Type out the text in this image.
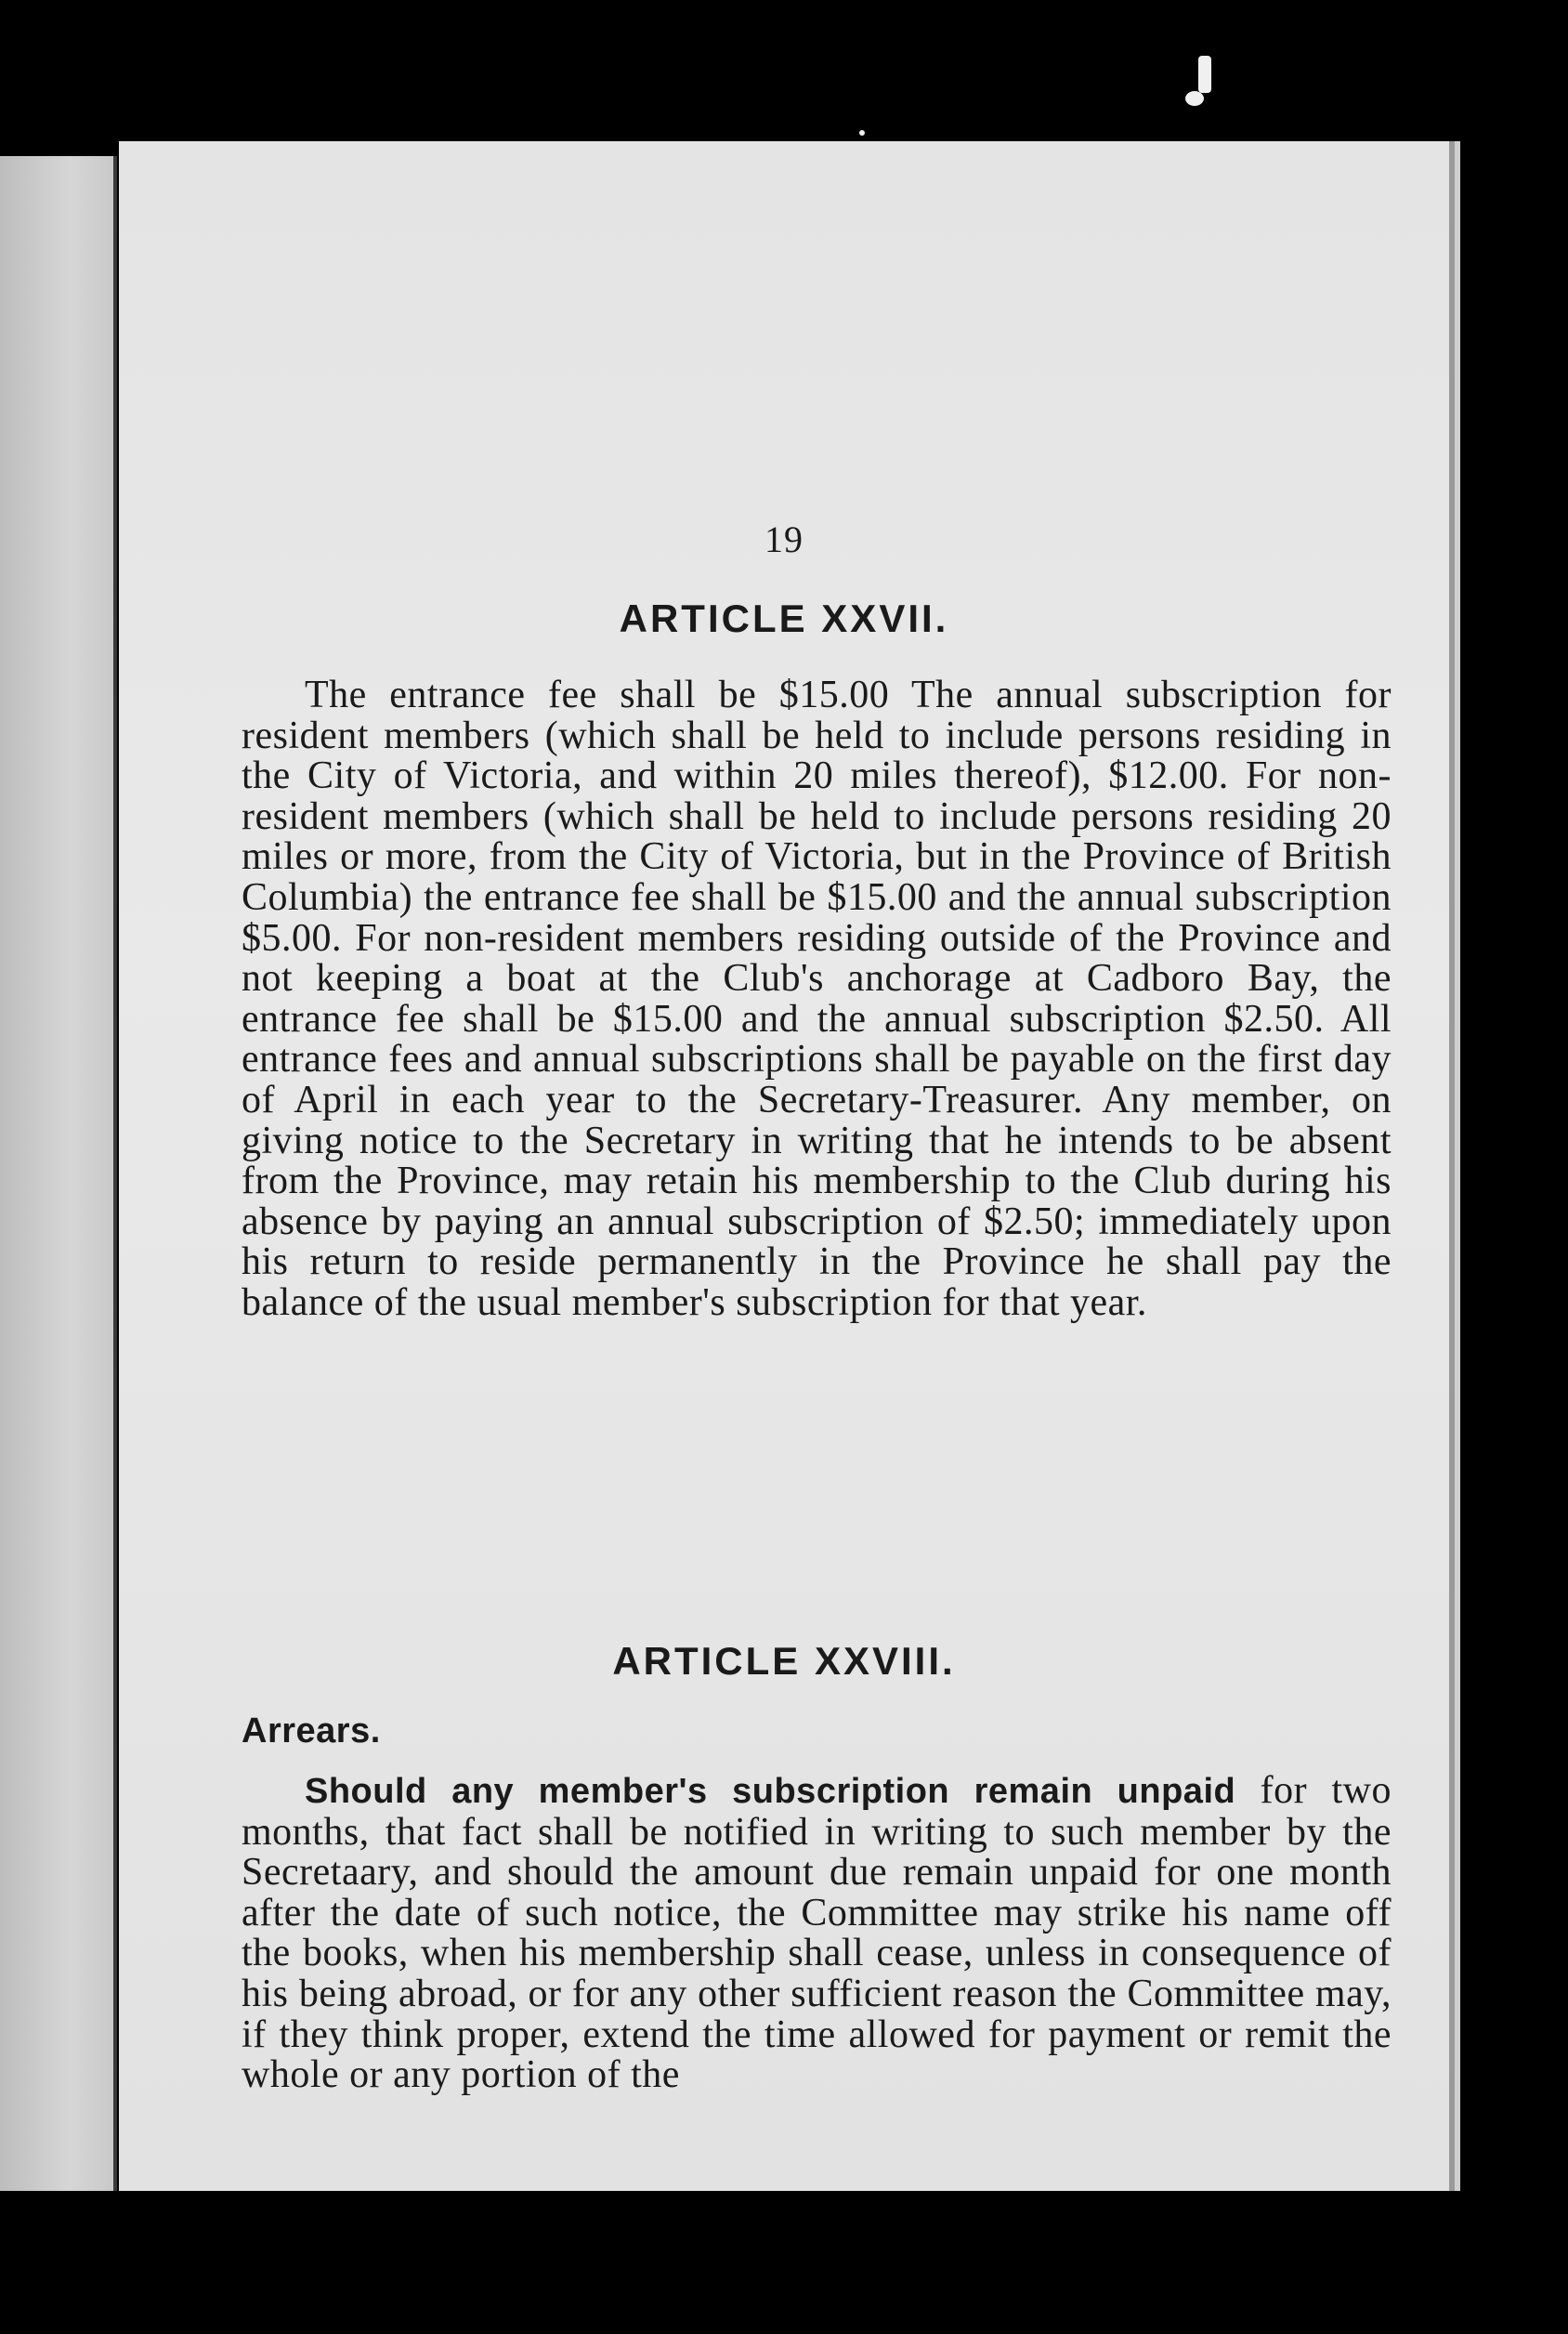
19
ARTICLE XXVII.
The entrance fee shall be $15.00 The annual subscription for resident members (which shall be held to include persons residing in the City of Victoria, and within 20 miles thereof), $12.00. For non-resident members (which shall be held to include persons residing 20 miles or more, from the City of Victoria, but in the Province of British Columbia) the entrance fee shall be $15.00 and the annual subscription $5.00. For non-resident members residing outside of the Province and not keeping a boat at the Club's anchorage at Cadboro Bay, the entrance fee shall be $15.00 and the annual subscription $2.50. All entrance fees and annual subscriptions shall be payable on the first day of April in each year to the Secretary-Treasurer. Any member, on giving notice to the Secretary in writing that he intends to be absent from the Province, may retain his membership to the Club during his absence by paying an annual subscription of $2.50; immediately upon his return to reside permanently in the Province he shall pay the balance of the usual member's subscription for that year.
ARTICLE XXVIII.
Arrears.
Should any member's subscription remain unpaid for two months, that fact shall be notified in writing to such member by the Secretaary, and should the amount due remain unpaid for one month after the date of such notice, the Committee may strike his name off the books, when his membership shall cease, unless in consequence of his being abroad, or for any other sufficient reason the Committee may, if they think proper, extend the time allowed for payment or remit the whole or any portion of the
